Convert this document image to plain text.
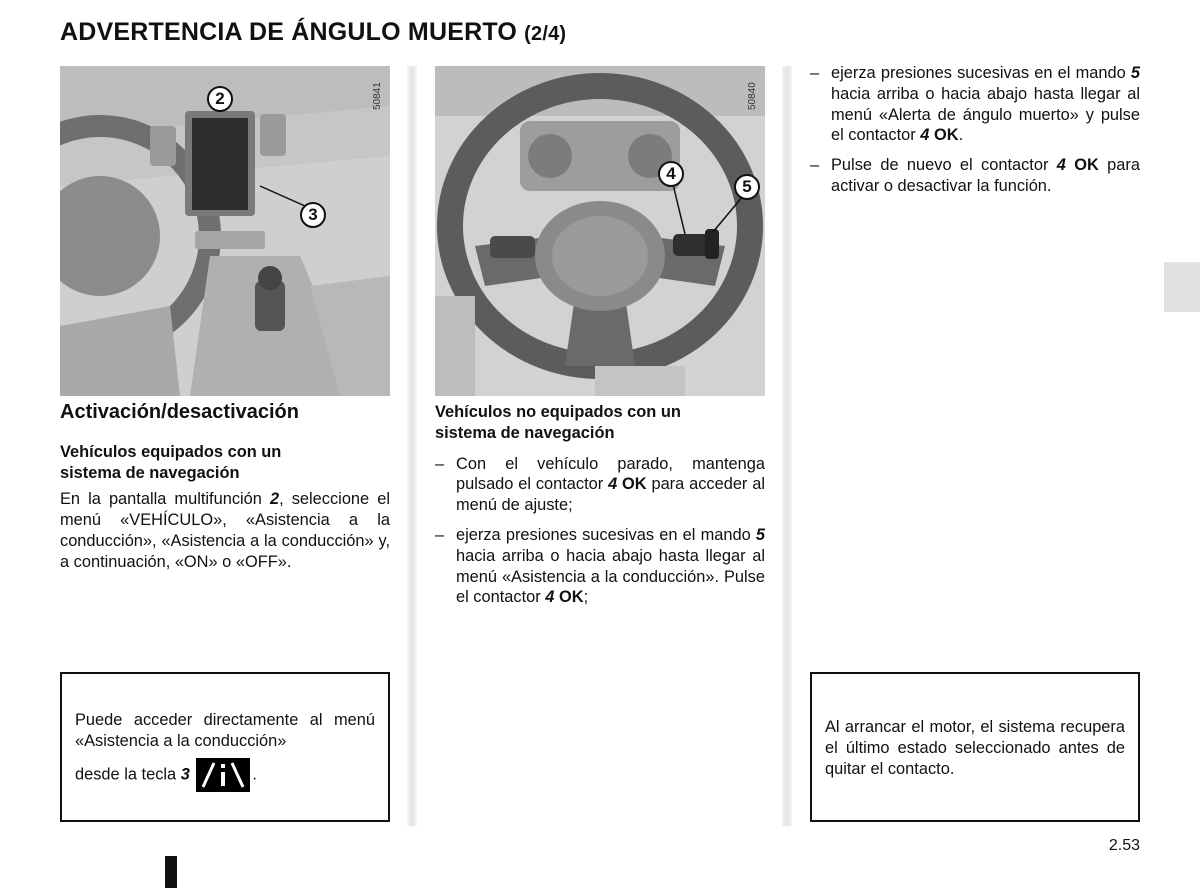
ADVERTENCIA DE ÁNGULO MUERTO (2/4)
2
3
50841
4
5
50840
Activación/desactivación
Vehículos equipados con un sistema de navegación

En la pantalla multifunción 2, seleccione el menú «VEHÍCULO», «Asistencia a la conducción», «Asistencia a la conducción» y, a continuación, «ON» o «OFF».

Puede acceder directamente al menú «Asistencia a la conducción»
desde la tecla 3	.
Vehículos no equipados con un sistema de navegación
– Con el vehículo parado, mantenga pulsado el contactor 4 OK para acceder al menú de ajuste;
– ejerza presiones sucesivas en el mando 5 hacia arriba o hacia abajo hasta llegar al menú «Asistencia a la conducción». Pulse el contactor 4 OK;
– ejerza presiones sucesivas en el mando 5 hacia arriba o hacia abajo hasta llegar al menú «Alerta de ángulo muerto» y pulse el contactor 4 OK.
– Pulse de nuevo el contactor 4 OK para activar o desactivar la función.
Al arrancar el motor, el sistema recupera el último estado seleccionado antes de quitar el contacto.
2.53
